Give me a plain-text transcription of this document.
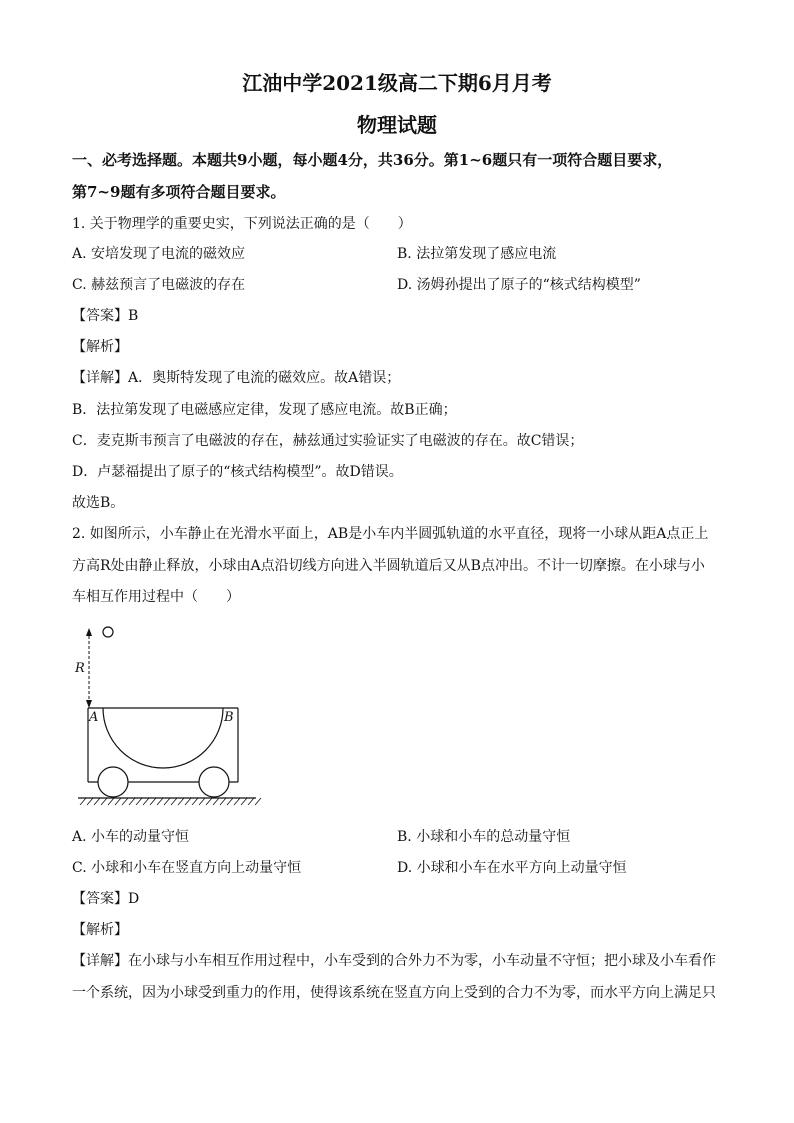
江油中学2021级高二下期6月月考
物理试题
一、必考选择题。本题共9小题，每小题4分，共36分。第1~6题只有一项符合题目要求，
第7~9题有多项符合题目要求。
1. 关于物理学的重要史实，下列说法正确的是（　　）
A. 安培发现了电流的磁效应	B. 法拉第发现了感应电流
C. 赫兹预言了电磁波的存在	D. 汤姆孙提出了原子的“核式结构模型”
【答案】B
【解析】
【详解】A．奥斯特发现了电流的磁效应。故A错误；
B．法拉第发现了电磁感应定律，发现了感应电流。故B正确；
C．麦克斯韦预言了电磁波的存在，赫兹通过实验证实了电磁波的存在。故C错误；
D．卢瑟福提出了原子的“核式结构模型”。故D错误。
故选B。
2. 如图所示，小车静止在光滑水平面上，AB是小车内半圆弧轨道的水平直径，现将一小球从距A点正上
方高R处由静止释放，小球由A点沿切线方向进入半圆轨道后又从B点冲出。不计一切摩擦。在小球与小
车相互作用过程中（　　）
R
A	B
A. 小车的动量守恒	B. 小球和小车的总动量守恒
C. 小球和小车在竖直方向上动量守恒	D. 小球和小车在水平方向上动量守恒
【答案】D
【解析】
【详解】在小球与小车相互作用过程中，小车受到的合外力不为零，小车动量不守恒；把小球及小车看作
一个系统，因为小球受到重力的作用，使得该系统在竖直方向上受到的合力不为零，而水平方向上满足只
